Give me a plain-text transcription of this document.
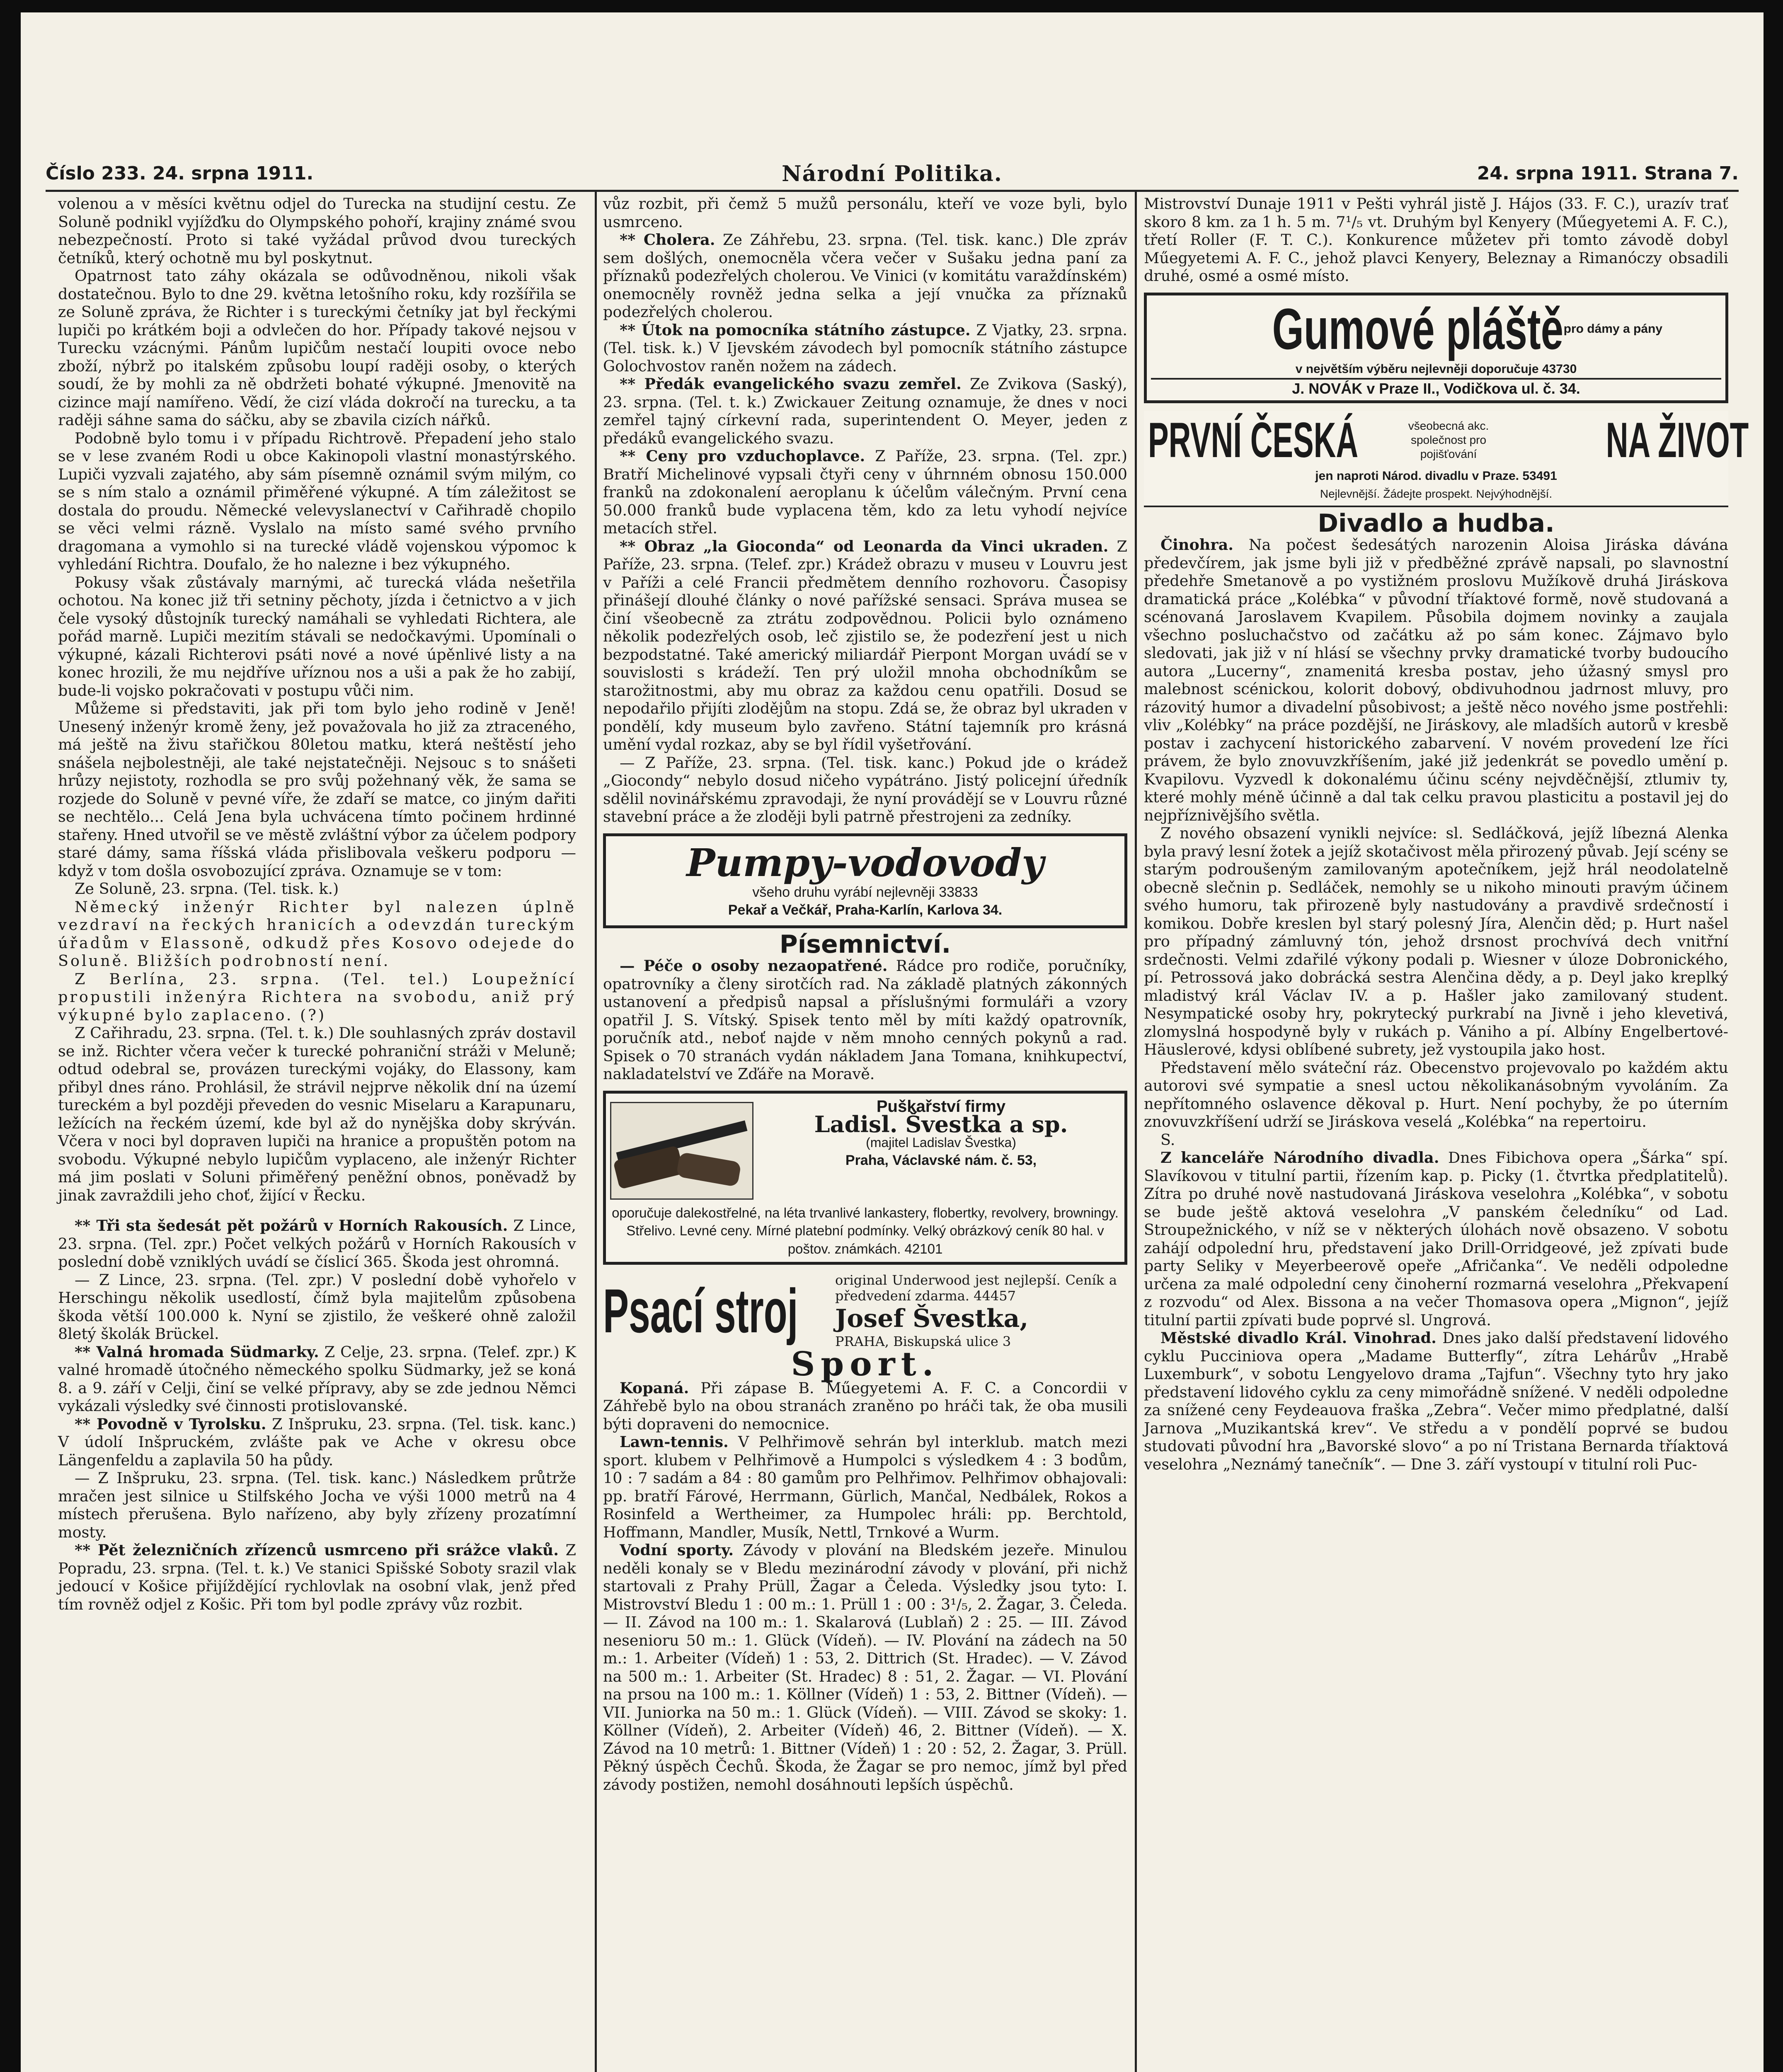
Číslo 233. 24. srpna 1911.	Národní Politika.	24. srpna 1911. Strana 7.

volenou a v měsíci květnu odjel do Turecka na studijní cestu. Ze Soluně podnikl vyjížďku do Olympského pohoří, krajiny známé svou nebezpečností. Proto si také vyžádal průvod dvou tureckých četníků, který ochotně mu byl poskytnut.

Opatrnost tato záhy okázala se odůvodněnou, nikoli však dostatečnou. Bylo to dne 29. května letošního roku, kdy rozšířila se ze Soluně zpráva, že Richter i s tureckými četníky jat byl řeckými lupiči po krátkém boji a odvlečen do hor. Případy takové nejsou v Turecku vzácnými. Pánům lupičům nestačí loupiti ovoce nebo zboží, nýbrž po italském způsobu loupí raději osoby, o kterých soudí, že by mohli za ně obdržeti bohaté výkupné. Jmenovitě na cizince mají namířeno. Vědí, že cizí vláda dokročí na turecku, a ta raději sáhne sama do sáčku, aby se zbavila cizích nářků.

Podobně bylo tomu i v případu Richtrově. Přepadení jeho stalo se v lese zvaném Rodi u obce Kakinopoli vlastní monastýrského. Lupiči vyzvali zajatého, aby sám písemně oznámil svým milým, co se s ním stalo a oznámil přiměřené výkupné. A tím záležitost se dostala do proudu. Německé velevyslanectví v Cařihradě chopilo se věci velmi rázně. Vyslalo na místo samé svého prvního dragomana a vymohlo si na turecké vládě vojenskou výpomoc k vyhledání Richtra. Doufalo, že ho nalezne i bez výkupného.

Pokusy však zůstávaly marnými, ač turecká vláda nešetřila ochotou. Na konec již tři setniny pěchoty, jízda i četnictvo a v jich čele vysoký důstojník turecký namáhali se vyhledati Richtera, ale pořád marně. Lupiči mezitím stávali se nedočkavými. Upomínali o výkupné, kázali Richterovi psáti nové a nové úpěnlivé listy a na konec hrozili, že mu nejdříve uříznou nos a uši a pak že ho zabijí, bude-li vojsko pokračovati v postupu vůči nim.

Můžeme si představiti, jak při tom bylo jeho rodině v Jeně! Unesený inženýr kromě ženy, jež považovala ho již za ztraceného, má ještě na živu stařičkou 80letou matku, která neštěstí jeho snášela nejbolestněji, ale také nejstatečněji. Nejsouc s to snášeti hrůzy nejistoty, rozhodla se pro svůj požehnaný věk, že sama se rozjede do Soluně v pevné víře, že zdaří se matce, co jiným dařiti se nechtělo... Celá Jena byla uchvácena tímto počinem hrdinné stařeny. Hned utvořil se ve městě zvláštní výbor za účelem podpory staré dámy, sama říšská vláda přislibovala veškeru podporu — když v tom došla osvobozující zpráva. Oznamuje se v tom:

Ze Soluně, 23. srpna. (Tel. tisk. k.)

Německý inženýr Richter byl nalezen úplně vezdraví na řeckých hranicích a odevzdán tureckým úřadům v Elassoně, odkudž přes Kosovo odejede do Soluně. Bližších podrobností není.

Z Berlína, 23. srpna. (Tel. tel.) Loupežnící propustili inženýra Richtera na svobodu, aniž prý výkupné bylo zaplaceno. (?)

Z Cařihradu, 23. srpna. (Tel. t. k.) Dle souhlasných zpráv dostavil se inž. Richter včera večer k turecké pohraniční stráži v Meluně; odtud odebral se, provázen tureckými vojáky, do Elassony, kam přibyl dnes ráno. Prohlásil, že strávil nejprve několik dní na území tureckém a byl později převeden do vesnic Miselaru a Karapunaru, ležících na řeckém území, kde byl až do nynějška doby skrýván. Včera v noci byl dopraven lupiči na hranice a propuštěn potom na svobodu. Výkupné nebylo lupičům vyplaceno, ale inženýr Richter má jim poslati v Soluni přiměřený peněžní obnos, poněvadž by jinak zavraždili jeho choť, žijící v Řecku.

** Tři sta šedesát pět požárů v Horních Rakousích. Z Lince, 23. srpna. (Tel. zpr.) Počet velkých požárů v Horních Rakousích v poslední době vzniklých uvádí se číslicí 365. Škoda jest ohromná.

— Z Lince, 23. srpna. (Tel. zpr.) V poslední době vyhořelo v Herschingu několik usedlostí, čímž byla majitelům způsobena škoda větší 100.000 k. Nyní se zjistilo, že veškeré ohně založil 8letý školák Brückel.

** Valná hromada Südmarky. Z Celje, 23. srpna. (Telef. zpr.) K valné hromadě útočného německého spolku Südmarky, jež se koná 8. a 9. září v Celji, činí se velké přípravy, aby se zde jednou Němci vykázali výsledky své činnosti protislovanské.

** Povodně v Tyrolsku. Z Inšpruku, 23. srpna. (Tel. tisk. kanc.) V údolí Inšpruckém, zvlášte pak ve Ache v okresu obce Längenfeldu a zaplavila 50 ha půdy.

— Z Inšpruku, 23. srpna. (Tel. tisk. kanc.) Následkem průtrže mračen jest silnice u Stilfského Jocha ve výši 1000 metrů na 4 místech přerušena. Bylo nařízeno, aby byly zřízeny prozatímní mosty.

** Pět železničních zřízenců usmrceno při srážce vlaků. Z Popradu, 23. srpna. (Tel. t. k.) Ve stanici Spišské Soboty srazil vlak jedoucí v Košice přijíždějící rychlovlak na osobní vlak, jenž před tím rovněž odjel z Košic. Při tom byl podle zprávy vůz rozbit.

vůz rozbit, při čemž 5 mužů personálu, kteří ve voze byli, bylo usmrceno.

** Cholera. Ze Záhřebu, 23. srpna. (Tel. tisk. kanc.) Dle zpráv sem došlých, onemocněla včera večer v Sušaku jedna paní za příznaků podezřelých cholerou. Ve Vinici (v komitátu varaždínském) onemocněly rovněž jedna selka a její vnučka za příznaků podezřelých cholerou.

** Útok na pomocníka státního zástupce. Z Vjatky, 23. srpna. (Tel. tisk. k.) V Ijevském závodech byl pomocník státního zástupce Golochvostov raněn nožem na zádech.

** Předák evangelického svazu zemřel. Ze Zvikova (Saský), 23. srpna. (Tel. t. k.) Zwickauer Zeitung oznamuje, že dnes v noci zemřel tajný církevní rada, superintendent O. Meyer, jeden z předáků evangelického svazu.

** Ceny pro vzduchoplavce. Z Paříže, 23. srpna. (Tel. zpr.) Bratří Michelinové vypsali čtyři ceny v úhrnném obnosu 150.000 franků na zdokonalení aeroplanu k účelům válečným. První cena 50.000 franků bude vyplacena těm, kdo za letu vyhodí nejvíce metacích střel.

** Obraz „la Gioconda“ od Leonarda da Vinci ukraden. Z Paříže, 23. srpna. (Telef. zpr.) Krádež obrazu v museu v Louvru jest v Paříži a celé Francii předmětem denního rozhovoru. Časopisy přinášejí dlouhé články o nové pařížské sensaci. Správa musea se činí všeobecně za ztrátu zodpovědnou. Policii bylo oznámeno několik podezřelých osob, leč zjistilo se, že podezření jest u nich bezpodstatné. Také americký miliardář Pierpont Morgan uvádí se v souvislosti s krádeží. Ten prý uložil mnoha obchodníkům se starožitnostmi, aby mu obraz za každou cenu opatřili. Dosud se nepodařilo přijíti zlodějům na stopu. Zdá se, že obraz byl ukraden v pondělí, kdy museum bylo zavřeno. Státní tajemník pro krásná umění vydal rozkaz, aby se byl řídil vyšetřování.

— Z Paříže, 23. srpna. (Tel. tisk. kanc.) Pokud jde o krádež „Giocondy“ nebylo dosud ničeho vypátráno. Jistý policejní úředník sdělil novinářskému zpravodaji, že nyní provádějí se v Louvru různé stavební práce a že zloději byli patrně přestrojeni za zedníky.

Pumpy-vodovody
všeho druhu vyrábí nejlevněji 33833
Pekař a Večkář, Praha-Karlín, Karlova 34.
Písemnictví.

— Péče o osoby nezaopatřené. Rádce pro rodiče, poručníky, opatrovníky a členy sirotčích rad. Na základě platných zákonných ustanovení a předpisů napsal a příslušnými formuláři a vzory opatřil J. S. Vítský. Spisek tento měl by míti každý opatrovník, poručník atd., neboť najde v něm mnoho cenných pokynů a rad. Spisek o 70 stranách vydán nákladem Jana Tomana, knihkupectví, nakladatelství ve Zďáře na Moravě.

Puškařství firmy
Ladisl. Švestka a sp.
(majitel Ladislav Švestka)
Praha, Václavské nám. č. 53,
oporučuje dalekostřelné, na léta trvanlivé lankastery, flobertky, revolvery, browningy. Střelivo. Levné ceny. Mírné platební podmínky. Velký obrázkový ceník 80 hal. v poštov. známkách. 42101
Psací stroj	original Underwood jest nejlepší. Ceník a předvedení zdarma. 44457
Josef Švestka,
PRAHA, Biskupská ulice 3
Sport.

Kopaná. Při zápase B. Műegyetemi A. F. C. a Concordii v Záhřebě bylo na obou stranách zraněno po hráči tak, že oba musili býti dopraveni do nemocnice.

Lawn-tennis. V Pelhřimově sehrán byl interklub. match mezi sport. klubem v Pelhřimově a Humpolci s výsledkem 4 : 3 bodům, 10 : 7 sadám a 84 : 80 gamům pro Pelhřimov. Pelhřimov obhajovali: pp. bratří Fárové, Herrmann, Gürlich, Mančal, Nedbálek, Rokos a Rosinfeld a Wertheimer, za Humpolec hráli: pp. Berchtold, Hoffmann, Mandler, Musík, Nettl, Trnkové a Wurm.

Vodní sporty. Závody v plování na Bledském jezeře. Minulou neděli konaly se v Bledu mezinárodní závody v plování, při nichž startovali z Prahy Prüll, Žagar a Čeleda. Výsledky jsou tyto: I. Mistrovství Bledu 1 : 00 m.: 1. Prüll 1 : 00 : 3¹/₅, 2. Žagar, 3. Čeleda. — II. Závod na 100 m.: 1. Skalarová (Lublaň) 2 : 25. — III. Závod nesenioru 50 m.: 1. Glück (Vídeň). — IV. Plování na zádech na 50 m.: 1. Arbeiter (Vídeň) 1 : 53, 2. Dittrich (St. Hradec). — V. Závod na 500 m.: 1. Arbeiter (St. Hradec) 8 : 51, 2. Žagar. — VI. Plování na prsou na 100 m.: 1. Köllner (Vídeň) 1 : 53, 2. Bittner (Vídeň). — VII. Juniorka na 50 m.: 1. Glück (Vídeň). — VIII. Závod se skoky: 1. Köllner (Vídeň), 2. Arbeiter (Vídeň) 46, 2. Bittner (Vídeň). — X. Závod na 10 metrů: 1. Bittner (Vídeň) 1 : 20 : 52, 2. Žagar, 3. Prüll. Pěkný úspěch Čechů. Škoda, že Žagar se pro nemoc, jímž byl před závody postižen, nemohl dosáhnouti lepších úspěchů.

Mistrovství Dunaje 1911 v Pešti vyhrál jistě J. Hájos (33. F. C.), urazív trať skoro 8 km. za 1 h. 5 m. 7¹/₅ vt. Druhým byl Kenyery (Műegyetemi A. F. C.), třetí Roller (F. T. C.). Konkurence můžetev při tomto závodě dobyl Műegyetemi A. F. C., jehož plavci Kenyery, Beleznay a Rimanóczy obsadili druhé, osmé a osmé místo.

Gumové pláště pro dámy a pány
v největším výběru nejlevněji doporučuje 43730
J. NOVÁK v Praze II., Vodičkova ul. č. 34.
PRVNÍ ČESKÁ	všeobecná akc. společnost pro pojišťování	NA ŽIVOT
jen naproti Národ. divadlu v Praze. 53491
Nejlevnější. Žádejte prospekt. Nejvýhodnější.
Divadlo a hudba.

Činohra. Na počest šedesátých narozenin Aloisa Jiráska dávána předevčírem, jak jsme byli již v předběžné zprávě napsali, po slavnostní předehře Smetanově a po vystižném proslovu Mužíkově druhá Jiráskova dramatická práce „Kolébka“ v původní tříaktové formě, nově studovaná a scénovaná Jaroslavem Kvapilem. Působila dojmem novinky a zaujala všechno posluchačstvo od začátku až po sám konec. Zájmavo bylo sledovati, jak již v ní hlásí se všechny prvky dramatické tvorby budoucího autora „Lucerny“, znamenitá kresba postav, jeho úžasný smysl pro malebnost scénickou, kolorit dobový, obdivuhodnou jadrnost mluvy, pro rázovitý humor a divadelní působivost; a ještě něco nového jsme postřehli: vliv „Kolébky“ na práce pozdější, ne Jiráskovy, ale mladších autorů v kresbě postav i zachycení historického zabarvení. V novém provedení lze říci právem, že bylo znovuvzkříšením, jaké již jedenkrát se povedlo umění p. Kvapilovu. Vyzvedl k dokonalému účinu scény nejvděčnější, ztlumiv ty, které mohly méně účinně a dal tak celku pravou plasticitu a postavil jej do nejpříznivějšího světla.

Z nového obsazení vynikli nejvíce: sl. Sedláčková, jejíž líbezná Alenka byla pravý lesní žotek a jejíž skotačivost měla přirozený půvab. Její scény se starým podroušeným zamilovaným apotečníkem, jejž hrál neodolatelně obecně slečnin p. Sedláček, nemohly se u nikoho minouti pravým účinem svého humoru, tak přirozeně byly nastudovány a pravdivě srdečností i komikou. Dobře kreslen byl starý polesný Jíra, Alenčin děd; p. Hurt našel pro případný zámluvný tón, jehož drsnost prochvívá dech vnitřní srdečnosti. Velmi zdařilé výkony podali p. Wiesner v úloze Dobronického, pí. Petrossová jako dobrácká sestra Alenčina dědy, a p. Deyl jako kreplký mladistvý král Václav IV. a p. Hašler jako zamilovaný student. Nesympatické osoby hry, pokrytecký purkrabí na Jivně i jeho klevetivá, zlomyslná hospodyně byly v rukách p. Vániho a pí. Albíny Engelbertové-Häuslerové, kdysi oblíbené subrety, jež vystoupila jako host.

Představení mělo sváteční ráz. Obecenstvo projevovalo po každém aktu autorovi své sympatie a snesl uctou několikanásobným vyvoláním. Za nepřítomného oslavence děkoval p. Hurt. Není pochyby, že po úterním znovuvzkříšení udrží se Jiráskova veselá „Kolébka“ na repertoiru.

S.

Z kanceláře Národního divadla. Dnes Fibichova opera „Šárka“ spí. Slavíkovou v titulní partii, řízením kap. p. Picky (1. čtvrtka předplatitelů). Zítra po druhé nově nastudovaná Jiráskova veselohra „Kolébka“, v sobotu se bude ještě aktová veselohra „V panském čeledníku“ od Lad. Stroupežnického, v níž se v některých úlohách nově obsazeno. V sobotu zahájí odpolední hru, představení jako Drill-Orridgeové, jež zpívati bude party Seliky v Meyerbeerově opeře „Afričanka“. Ve neděli odpoledne určena za malé odpolední ceny činoherní rozmarná veselohra „Překvapení z rozvodu“ od Alex. Bissona a na večer Thomasova opera „Mignon“, jejíž titulní partii zpívati bude poprvé sl. Ungrová.

Městské divadlo Král. Vinohrad. Dnes jako další představení lidového cyklu Pucciniova opera „Madame Butterfly“, zítra Lehárův „Hrabě Luxemburk“, v sobotu Lengyelovo drama „Tajfun“. Všechny tyto hry jako představení lidového cyklu za ceny mimořádně snížené. V neděli odpoledne za snížené ceny Feydeauova fraška „Zebra“. Večer mimo předplatné, další Jarnova „Muzikantská krev“. Ve středu a v pondělí poprvé se budou studovati původní hra „Bavorské slovo“ a po ní Tristana Bernarda tříaktová veselohra „Neznámý tanečník“. — Dne 3. září vystoupí v titulní roli Puc-
